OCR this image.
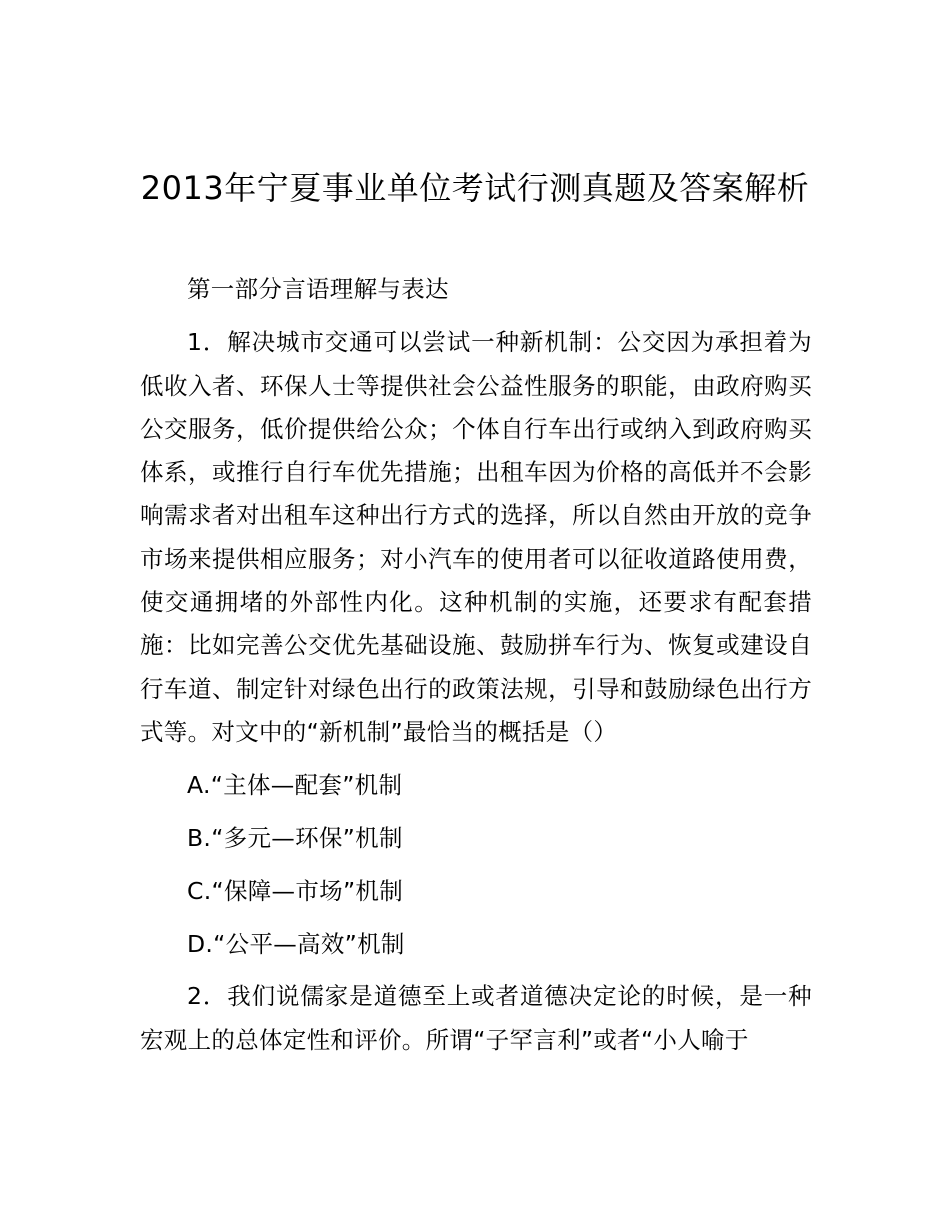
2013年宁夏事业单位考试行测真题及答案解析

第一部分言语理解与表达

1．解决城市交通可以尝试一种新机制：公交因为承担着为低收入者、环保人士等提供社会公益性服务的职能，由政府购买公交服务，低价提供给公众；个体自行车出行或纳入到政府购买体系，或推行自行车优先措施；出租车因为价格的高低并不会影响需求者对出租车这种出行方式的选择，所以自然由开放的竞争市场来提供相应服务；对小汽车的使用者可以征收道路使用费，使交通拥堵的外部性内化。这种机制的实施，还要求有配套措施：比如完善公交优先基础设施、鼓励拼车行为、恢复或建设自行车道、制定针对绿色出行的政策法规，引导和鼓励绿色出行方式等。对文中的“新机制”最恰当的概括是（）

A.“主体—配套”机制

B.“多元—环保”机制

C.“保障—市场”机制

D.“公平—高效”机制

2．我们说儒家是道德至上或者道德决定论的时候，是一种宏观上的总体定性和评价。所谓“子罕言利”或者“小人喻于
